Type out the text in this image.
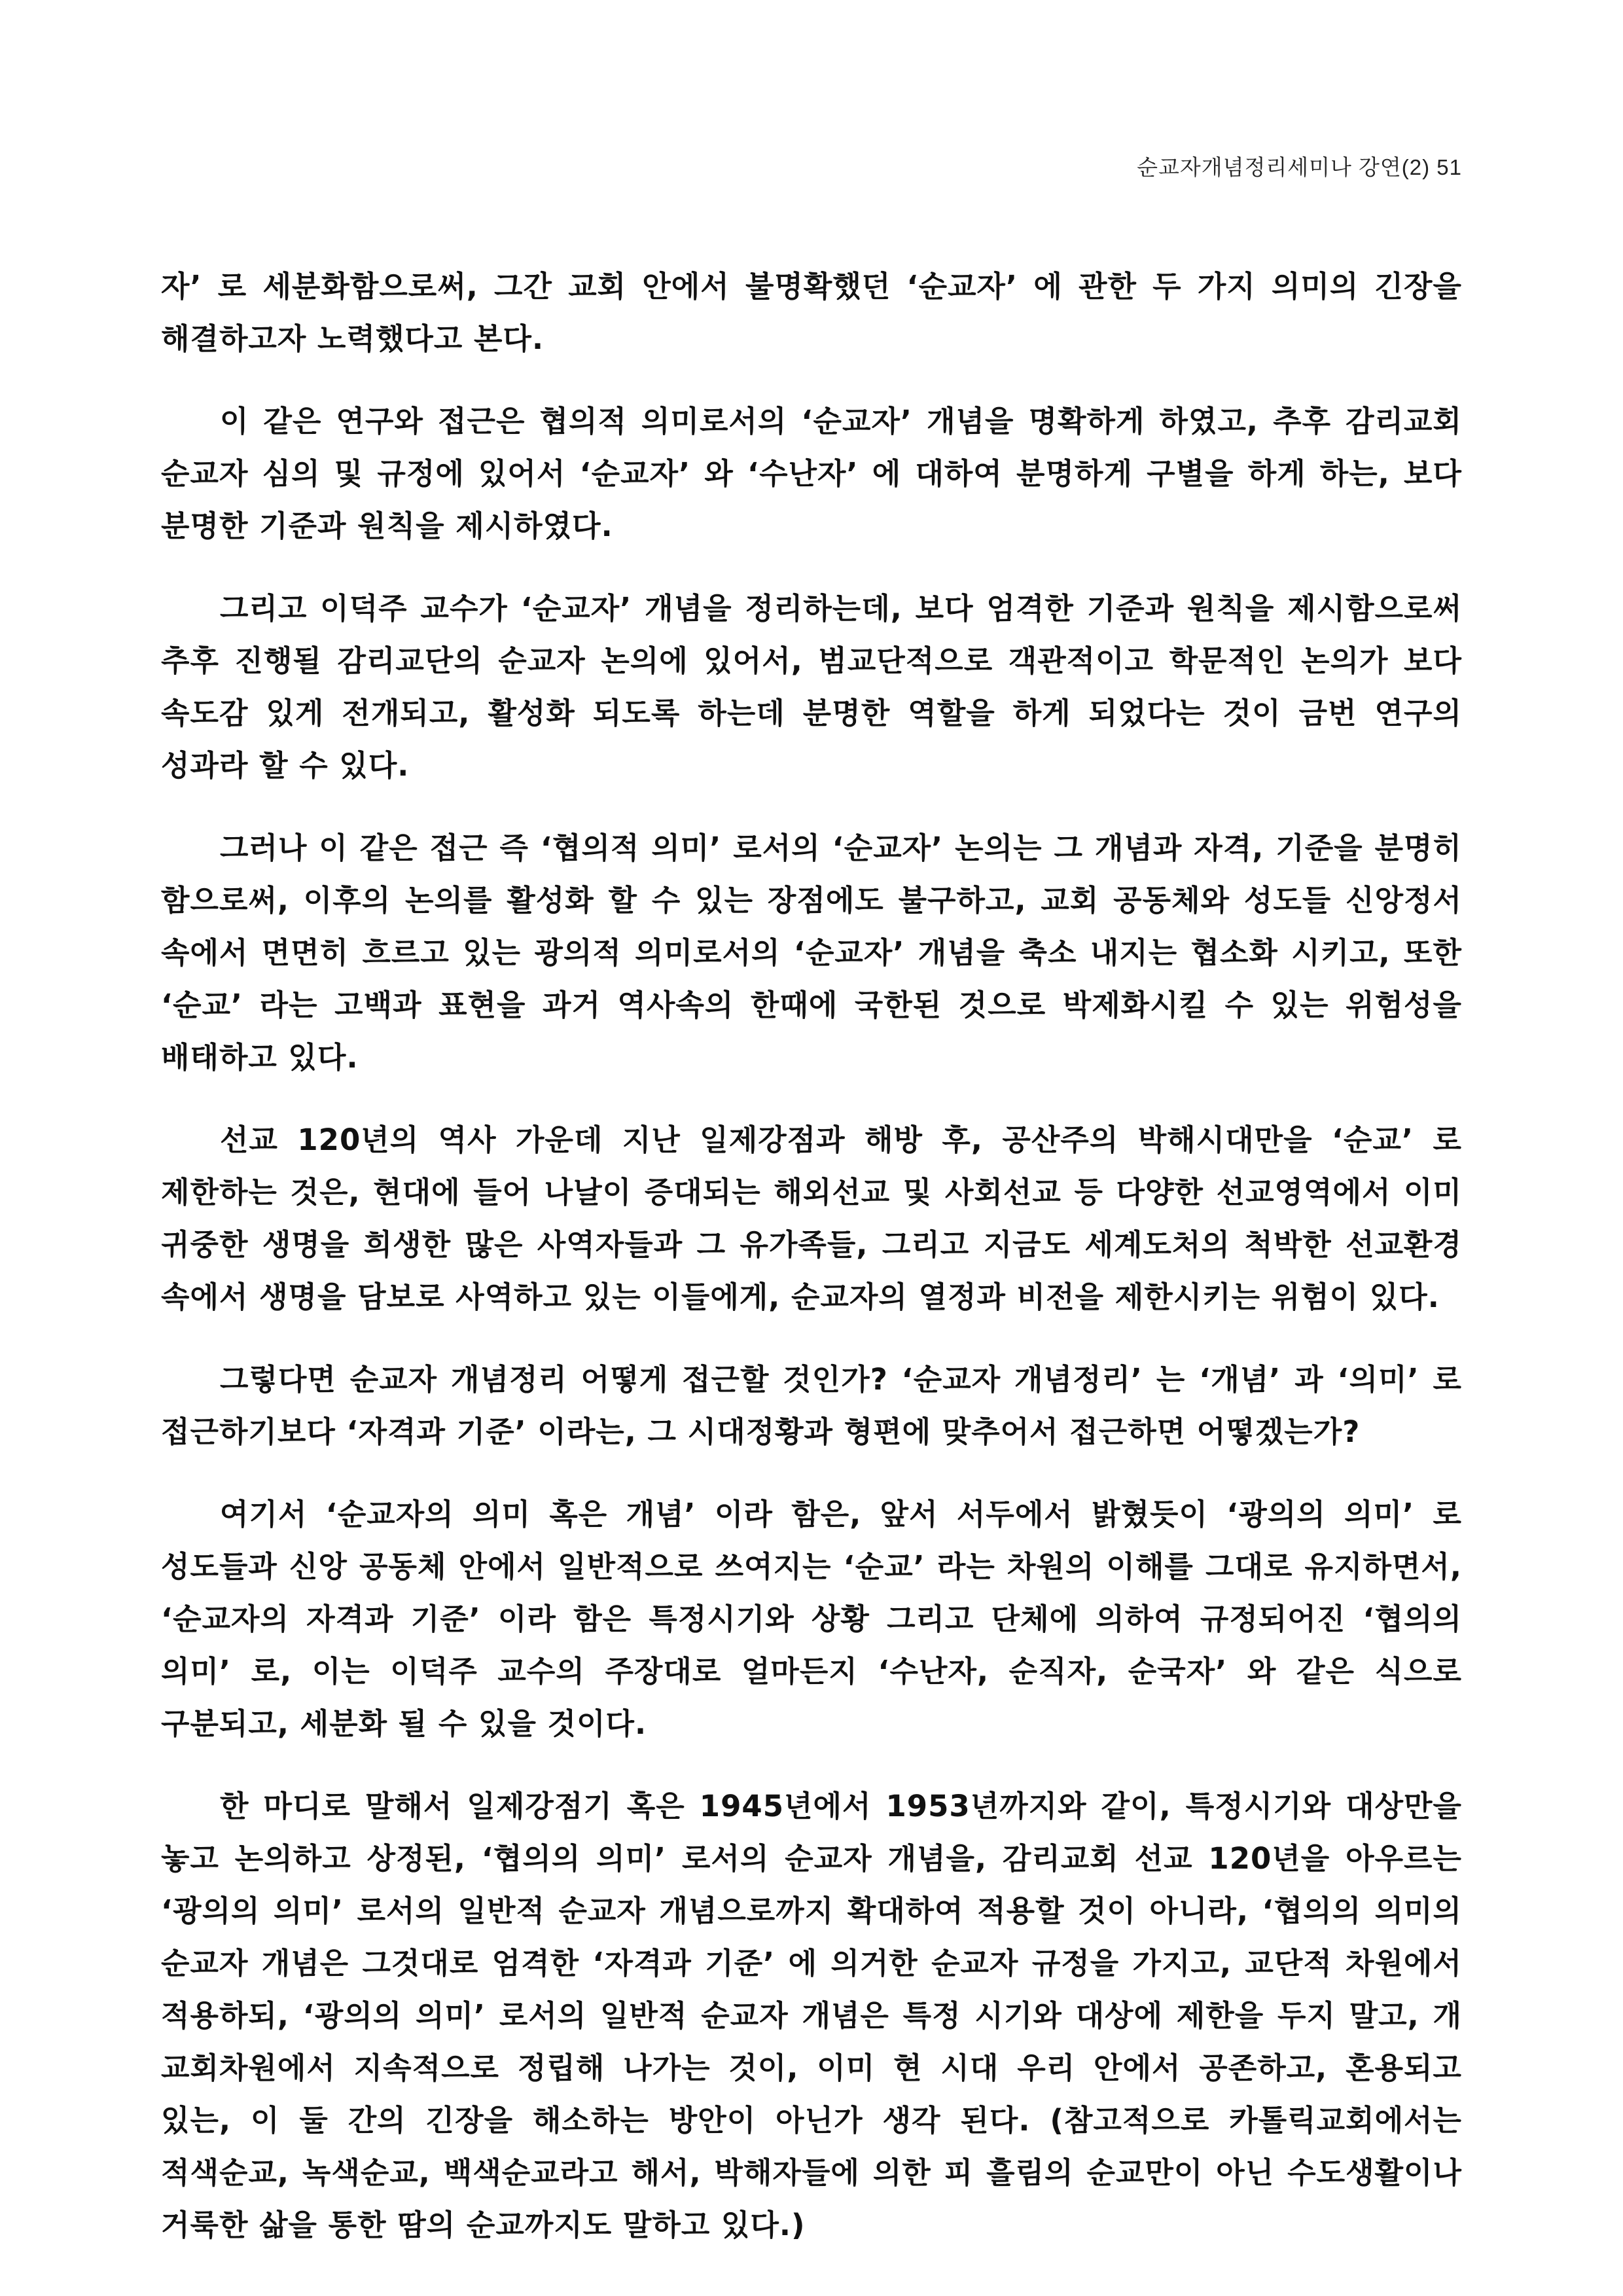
순교자개념정리세미나 강연(2) 51

자’ 로 세분화함으로써, 그간 교회 안에서 불명확했던 ‘순교자’ 에 관한 두 가지 의미의 긴장을 해결하고자 노력했다고 본다.

이 같은 연구와 접근은 협의적 의미로서의 ‘순교자’ 개념을 명확하게 하였고, 추후 감리교회 순교자 심의 및 규정에 있어서 ‘순교자’ 와 ‘수난자’ 에 대하여 분명하게 구별을 하게 하는, 보다 분명한 기준과 원칙을 제시하였다.

그리고 이덕주 교수가 ‘순교자’ 개념을 정리하는데, 보다 엄격한 기준과 원칙을 제시함으로써 추후 진행될 감리교단의 순교자 논의에 있어서, 범교단적으로 객관적이고 학문적인 논의가 보다 속도감 있게 전개되고, 활성화 되도록 하는데 분명한 역할을 하게 되었다는 것이 금번 연구의 성과라 할 수 있다.

그러나 이 같은 접근 즉 ‘협의적 의미’ 로서의 ‘순교자’ 논의는 그 개념과 자격, 기준을 분명히 함으로써, 이후의 논의를 활성화 할 수 있는 장점에도 불구하고, 교회 공동체와 성도들 신앙정서 속에서 면면히 흐르고 있는 광의적 의미로서의 ‘순교자’ 개념을 축소 내지는 협소화 시키고, 또한 ‘순교’ 라는 고백과 표현을 과거 역사속의 한때에 국한된 것으로 박제화시킬 수 있는 위험성을 배태하고 있다.

선교 120년의 역사 가운데 지난 일제강점과 해방 후, 공산주의 박해시대만을 ‘순교’ 로 제한하는 것은, 현대에 들어 나날이 증대되는 해외선교 및 사회선교 등 다양한 선교영역에서 이미 귀중한 생명을 희생한 많은 사역자들과 그 유가족들, 그리고 지금도 세계도처의 척박한 선교환경 속에서 생명을 담보로 사역하고 있는 이들에게, 순교자의 열정과 비전을 제한시키는 위험이 있다.

그렇다면 순교자 개념정리 어떻게 접근할 것인가? ‘순교자 개념정리’ 는 ‘개념’ 과 ‘의미’ 로 접근하기보다 ‘자격과 기준’ 이라는, 그 시대정황과 형편에 맞추어서 접근하면 어떻겠는가?

여기서 ‘순교자의 의미 혹은 개념’ 이라 함은, 앞서 서두에서 밝혔듯이 ‘광의의 의미’ 로 성도들과 신앙 공동체 안에서 일반적으로 쓰여지는 ‘순교’ 라는 차원의 이해를 그대로 유지하면서, ‘순교자의 자격과 기준’ 이라 함은 특정시기와 상황 그리고 단체에 의하여 규정되어진 ‘협의의 의미’ 로, 이는 이덕주 교수의 주장대로 얼마든지 ‘수난자, 순직자, 순국자’ 와 같은 식으로 구분되고, 세분화 될 수 있을 것이다.

한 마디로 말해서 일제강점기 혹은 1945년에서 1953년까지와 같이, 특정시기와 대상만을 놓고 논의하고 상정된, ‘협의의 의미’ 로서의 순교자 개념을, 감리교회 선교 120년을 아우르는 ‘광의의 의미’ 로서의 일반적 순교자 개념으로까지 확대하여 적용할 것이 아니라, ‘협의의 의미의 순교자 개념은 그것대로 엄격한 ‘자격과 기준’ 에 의거한 순교자 규정을 가지고, 교단적 차원에서 적용하되, ‘광의의 의미’ 로서의 일반적 순교자 개념은 특정 시기와 대상에 제한을 두지 말고, 개 교회차원에서 지속적으로 정립해 나가는 것이, 이미 현 시대 우리 안에서 공존하고, 혼용되고 있는, 이 둘 간의 긴장을 해소하는 방안이 아닌가 생각 된다. (참고적으로 카톨릭교회에서는 적색순교, 녹색순교, 백색순교라고 해서, 박해자들에 의한 피 흘림의 순교만이 아닌 수도생활이나 거룩한 삶을 통한 땀의 순교까지도 말하고 있다.)
